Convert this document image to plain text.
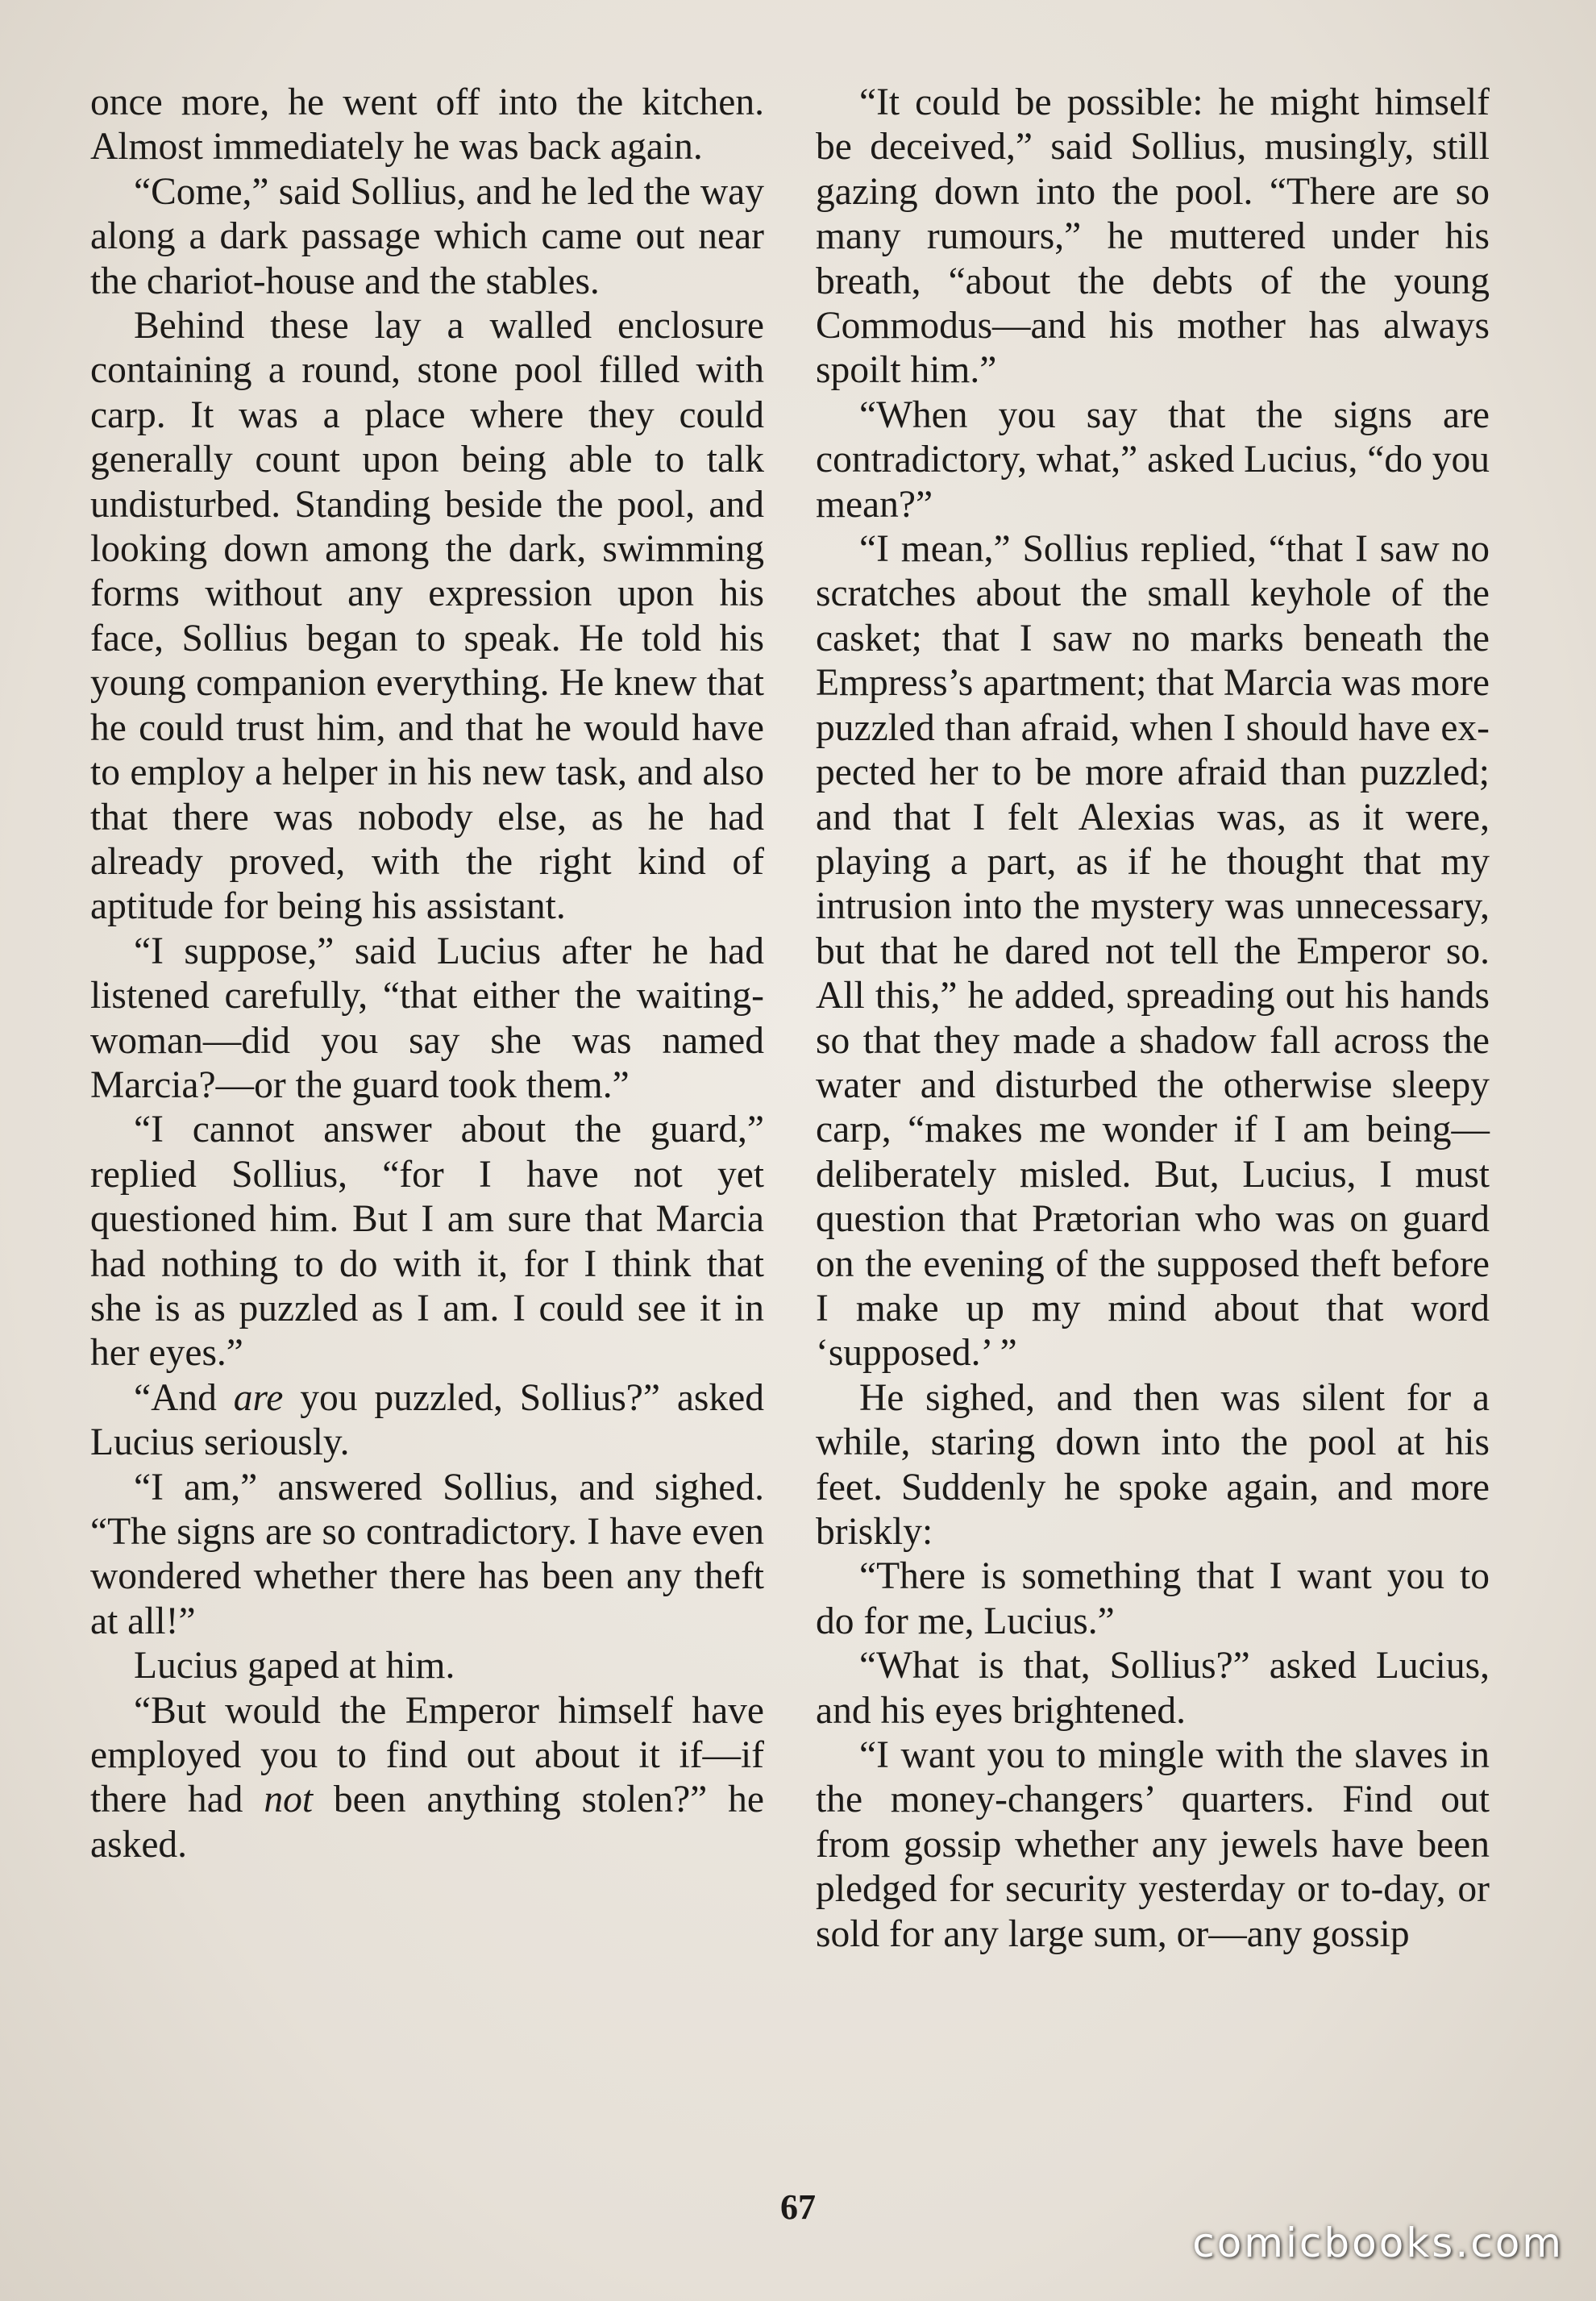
once more, he went off into the kitchen. Almost immediately he was back again.

“Come,” said Sollius, and he led the way along a dark passage which came out near the chariot-house and the stables.

Behind these lay a walled enclosure containing a round, stone pool filled with carp. It was a place where they could generally count upon being able to talk undisturbed. Standing beside the pool, and looking down among the dark, swimming forms without any expression upon his face, Sollius began to speak. He told his young companion everything. He knew that he could trust him, and that he would have to employ a helper in his new task, and also that there was nobody else, as he had already proved, with the right kind of aptitude for being his assistant.

“I suppose,” said Lucius after he had listened carefully, “that either the waiting-woman—did you say she was named Marcia?—or the guard took them.”

“I cannot answer about the guard,” replied Sollius, “for I have not yet questioned him. But I am sure that Marcia had nothing to do with it, for I think that she is as puzzled as I am. I could see it in her eyes.”

“And are you puzzled, Sollius?” asked Lucius seriously.

“I am,” answered Sollius, and sighed. “The signs are so contradictory. I have even wondered whether there has been any theft at all!”

Lucius gaped at him.

“But would the Emperor himself have employed you to find out about it if—if there had not been anything stolen?” he asked.

“It could be possible: he might himself be deceived,” said Sollius, musingly, still gazing down into the pool. “There are so many rumours,” he muttered under his breath, “about the debts of the young Commodus—and his mother has always spoilt him.”

“When you say that the signs are contradictory, what,” asked Lucius, “do you mean?”

“I mean,” Sollius replied, “that I saw no scratches about the small keyhole of the casket; that I saw no marks beneath the Empress’s apartment; that Marcia was more puzzled than afraid, when I should have expected her to be more afraid than puzzled; and that I felt Alexias was, as it were, playing a part, as if he thought that my intrusion into the mystery was unnecessary, but that he dared not tell the Emperor so. All this,” he added, spreading out his hands so that they made a shadow fall across the water and disturbed the otherwise sleepy carp, “makes me wonder if I am being—deliberately misled. But, Lucius, I must question that Prætorian who was on guard on the evening of the supposed theft before I make up my mind about that word ‘supposed.’ ”

He sighed, and then was silent for a while, staring down into the pool at his feet. Suddenly he spoke again, and more briskly:

“There is something that I want you to do for me, Lucius.”

“What is that, Sollius?” asked Lucius, and his eyes brightened.

“I want you to mingle with the slaves in the money-changers’ quarters. Find out from gossip whether any jewels have been pledged for security yesterday or to-day, or sold for any large sum, or—any gossip

67
comicbooks.com
